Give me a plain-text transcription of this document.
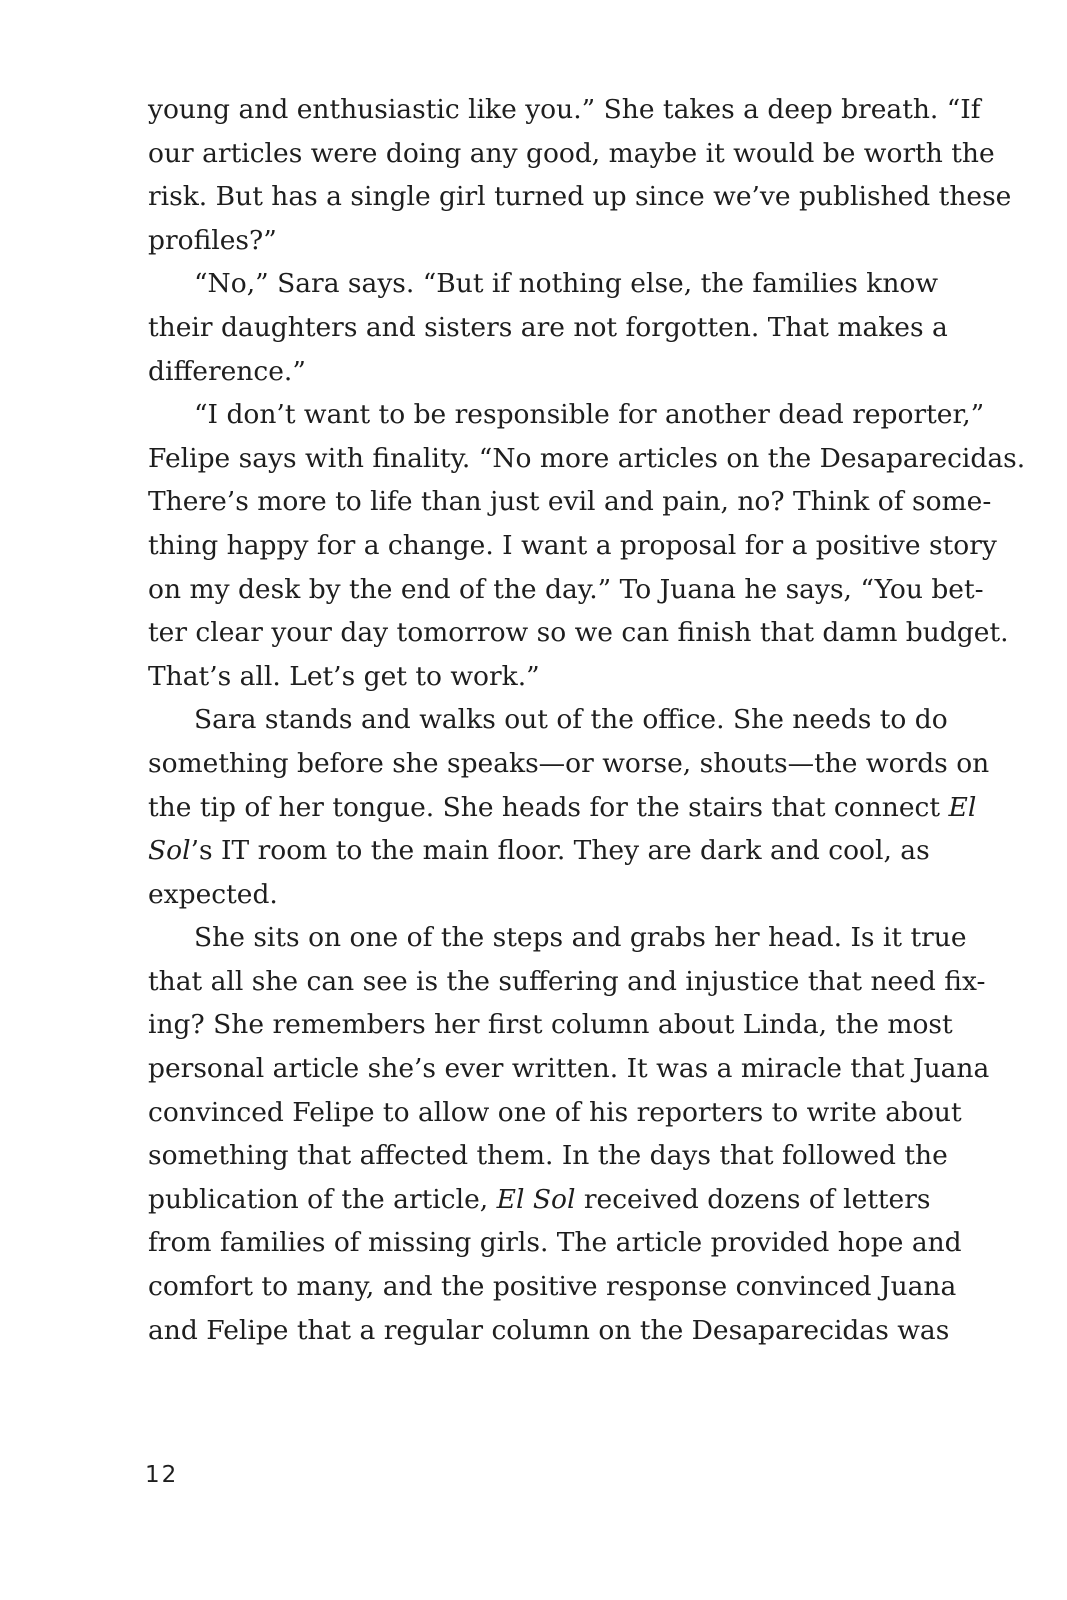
young and enthusiastic like you.” She takes a deep breath. “If
our articles were doing any good, maybe it would be worth the
risk. But has a single girl turned up since we’ve published these
profiles?”
“No,” Sara says. “But if nothing else, the families know
their daughters and sisters are not forgotten. That makes a
difference.”
“I don’t want to be responsible for another dead reporter,”
Felipe says with finality. “No more articles on the Desaparecidas.
There’s more to life than just evil and pain, no? Think of some-
thing happy for a change. I want a proposal for a positive story
on my desk by the end of the day.” To Juana he says, “You bet-
ter clear your day tomorrow so we can finish that damn budget.
That’s all. Let’s get to work.”
Sara stands and walks out of the office. She needs to do
something before she speaks—or worse, shouts—the words on
the tip of her tongue. She heads for the stairs that connect El
Sol’s IT room to the main floor. They are dark and cool, as
expected.
She sits on one of the steps and grabs her head. Is it true
that all she can see is the suffering and injustice that need fix-
ing? She remembers her first column about Linda, the most
personal article she’s ever written. It was a miracle that Juana
convinced Felipe to allow one of his reporters to write about
something that affected them. In the days that followed the
publication of the article, El Sol received dozens of letters
from families of missing girls. The article provided hope and
comfort to many, and the positive response convinced Juana
and Felipe that a regular column on the Desaparecidas was
12
